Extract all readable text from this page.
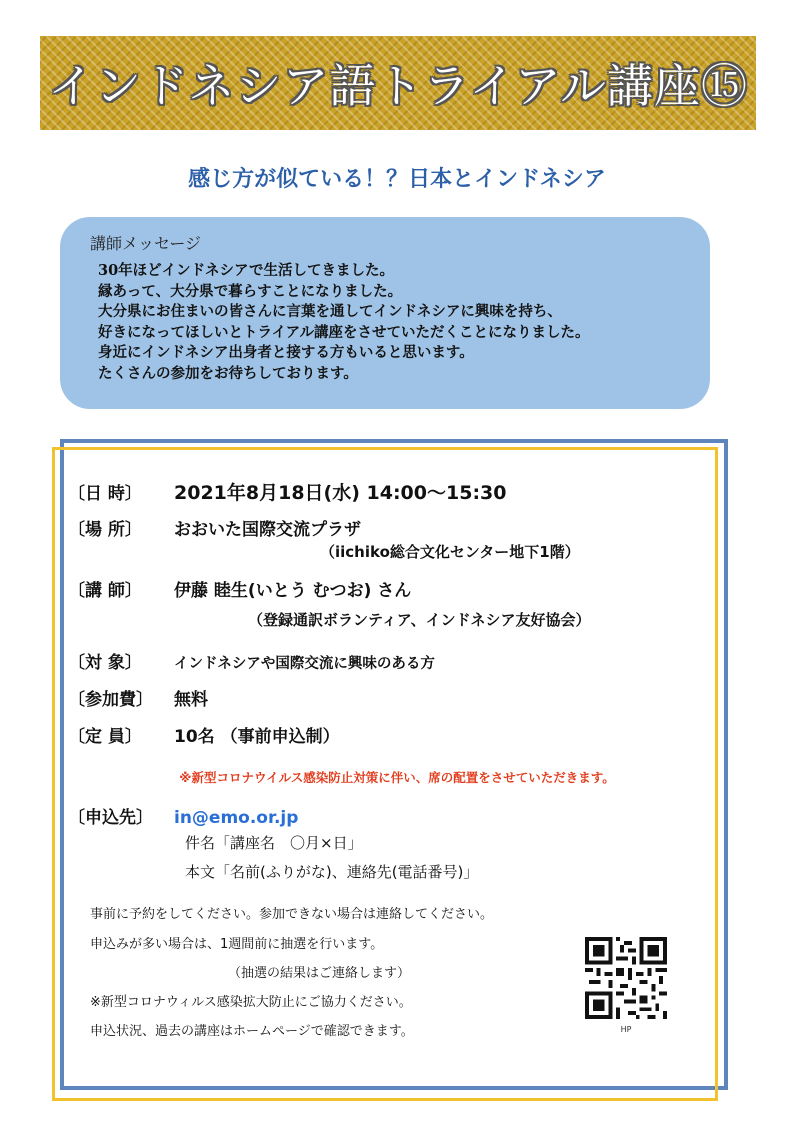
インドネシア語トライアル講座⑮
感じ方が似ている！？日本とインドネシア
講師メッセージ
30年ほどインドネシアで生活してきました。
縁あって、大分県で暮らすことになりました。
大分県にお住まいの皆さんに言葉を通してインドネシアに興味を持ち、
好きになってほしいとトライアル講座をさせていただくことになりました。
身近にインドネシア出身者と接する方もいると思います。
たくさんの参加をお待ちしております。
〔日 時〕	2021年8月18日(水) 14:00～15:30
〔場 所〕	おおいた国際交流プラザ
（iichiko総合文化センター地下1階）
〔講 師〕	伊藤 睦生(いとう むつお) さん
（登録通訳ボランティア、インドネシア友好協会）
〔対 象〕	インドネシアや国際交流に興味のある方
〔参加費〕	無料
〔定 員〕	10名 （事前申込制）
※新型コロナウイルス感染防止対策に伴い、席の配置をさせていただきます。
〔申込先〕	in@emo.or.jp
件名「講座名　〇月×日」
本文「名前(ふりがな)、連絡先(電話番号)」
事前に予約をしてください。参加できない場合は連絡してください。
申込みが多い場合は、1週間前に抽選を行います。
（抽選の結果はご連絡します）
※新型コロナウィルス感染拡大防止にご協力ください。
申込状況、過去の講座はホームページで確認できます。	HP
